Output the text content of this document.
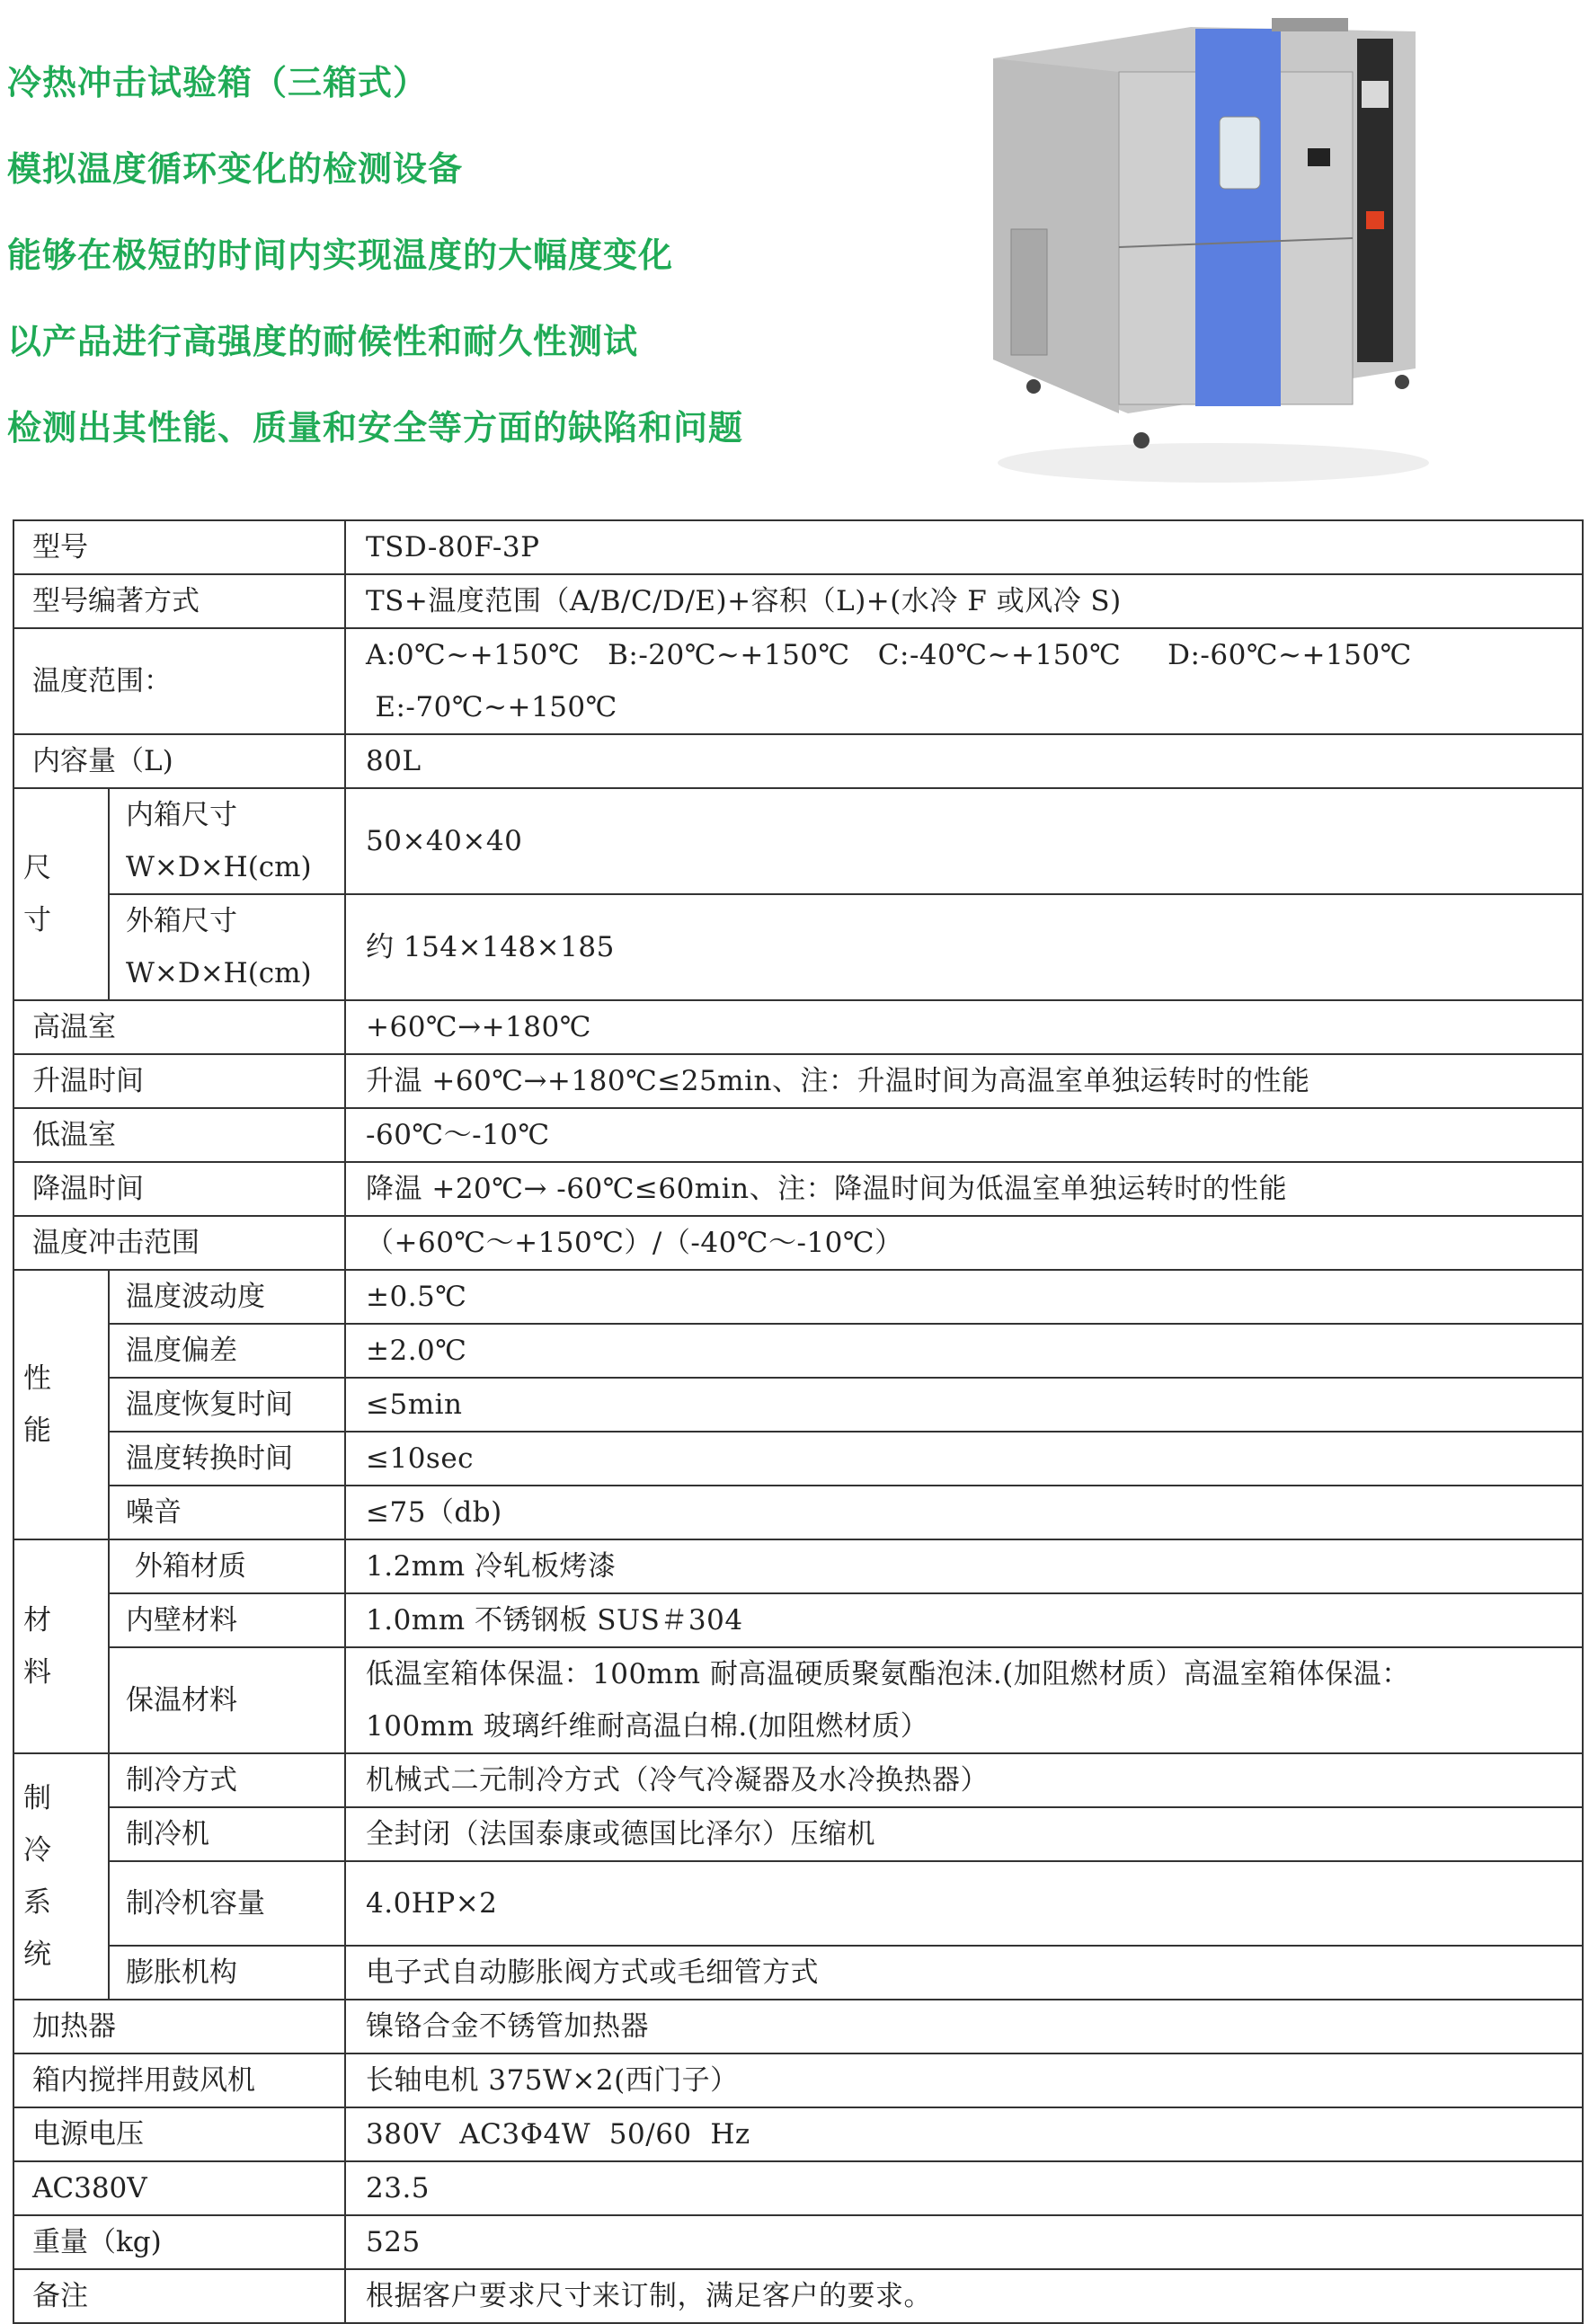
冷热冲击试验箱（三箱式）
模拟温度循环变化的检测设备
能够在极短的时间内实现温度的大幅度变化
以产品进行高强度的耐候性和耐久性测试
检测出其性能、质量和安全等方面的缺陷和问题
型号		TSD-80F-3P
型号编著方式		TS+温度范围（A/B/C/D/E)+容积（L)+(水冷 F 或风冷 S)
温度范围：		A:0℃~+150℃   B:-20℃~+150℃   C:-40℃~+150℃     D:-60℃~+150℃
E:-70℃~+150℃

内容量（L)		80L

尺
寸	内箱尺寸
W×D×H(cm)	50×40×40

	外箱尺寸
W×D×H(cm)	约 154×148×185
高温室		+60℃→+180℃
升温时间		升温 +60℃→+180℃≤25min、注：升温时间为高温室单独运转时的性能
低温室		-60℃～-10℃
降温时间		降温 +20℃→ -60℃≤60min、注：降温时间为低温室单独运转时的性能
温度冲击范围		（+60℃～+150℃）/（-40℃～-10℃）

性
能	温度波动度	±0.5℃
	温度偏差	±2.0℃
	温度恢复时间	≤5min
	温度转换时间	≤10sec
	噪音	≤75（db)

材
料	外箱材质	1.2mm 冷轧板烤漆
	内壁材料	1.0mm 不锈钢板 SUS＃304
	保温材料	低温室箱体保温：100mm 耐高温硬质聚氨酯泡沫.(加阻燃材质）高温室箱体保温：
100mm 玻璃纤维耐高温白棉.(加阻燃材质）

制
冷
系
统	制冷方式	机械式二元制冷方式（冷气冷凝器及水冷换热器）
	制冷机	全封闭（法国泰康或德国比泽尔）压缩机
	制冷机容量	4.0HP×2
	膨胀机构	电子式自动膨胀阀方式或毛细管方式
加热器		镍铬合金不锈管加热器
箱内搅拌用鼓风机		长轴电机 375W×2(西门子）
电源电压		380V  AC3Φ4W  50/60  Hz
AC380V		23.5
重量（kg)		525
备注		根据客户要求尺寸来订制，满足客户的要求。
